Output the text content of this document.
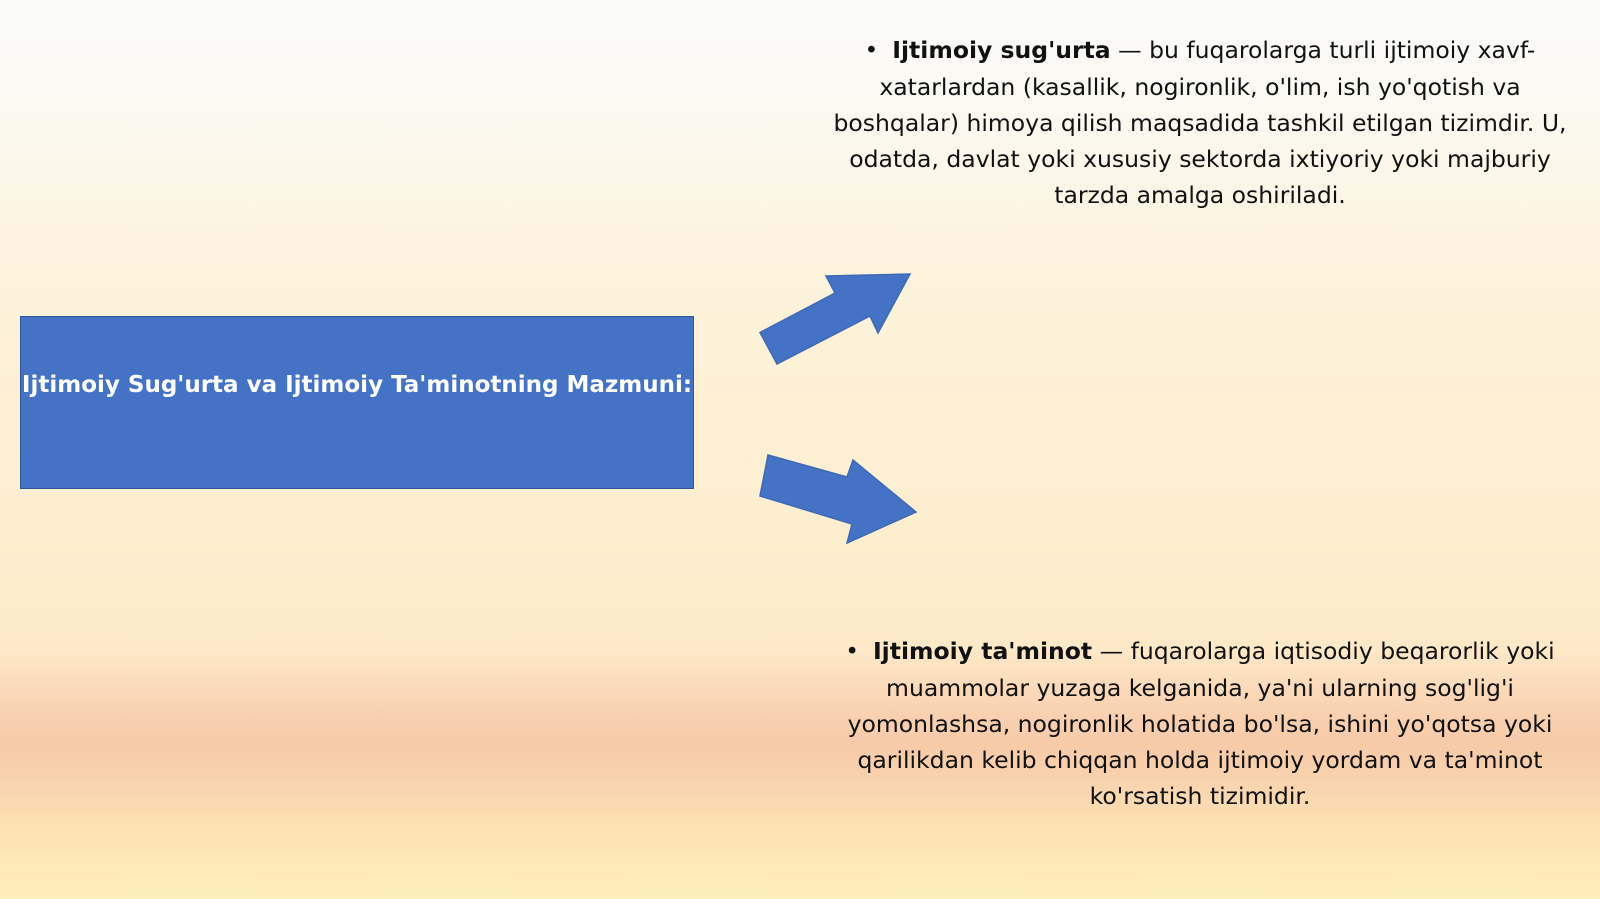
Ijtimoiy Sug'urta va Ijtimoiy Ta'minotning Mazmuni:
• Ijtimoiy sug'urta — bu fuqarolarga turli ijtimoiy xavf-xatarlardan (kasallik, nogironlik, o'lim, ish yo'qotish va boshqalar) himoya qilish maqsadida tashkil etilgan tizimdir. U, odatda, davlat yoki xususiy sektorda ixtiyoriy yoki majburiy tarzda amalga oshiriladi.
• Ijtimoiy ta'minot — fuqarolarga iqtisodiy beqarorlik yoki muammolar yuzaga kelganida, ya'ni ularning sog'lig'i yomonlashsa, nogironlik holatida bo'lsa, ishini yo'qotsa yoki qarilikdan kelib chiqqan holda ijtimoiy yordam va ta'minot ko'rsatish tizimidir.
